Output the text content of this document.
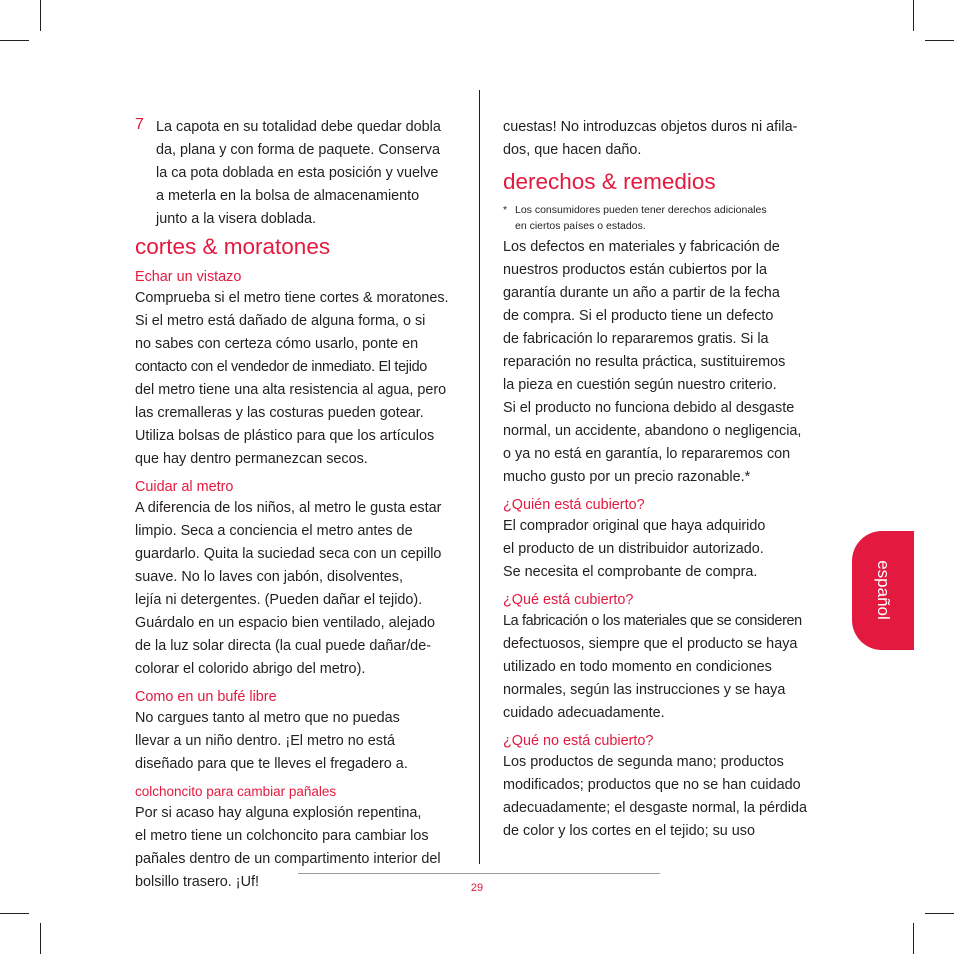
7 La capota en su totalidad debe quedar dobla

da, plana y con forma de paquete. Conserva

la ca pota doblada en esta posición y vuelve

a meterla en la bolsa de almacenamiento

junto a la visera doblada.

cortes & moratones

Echar un vistazo

Comprueba si el metro tiene cortes & moratones.

Si el metro está dañado de alguna forma, o si

no sabes con certeza cómo usarlo, ponte en

contacto con el vendedor de inmediato. El tejido

del metro tiene una alta resistencia al agua, pero

las cremalleras y las costuras pueden gotear.

Utiliza bolsas de plástico para que los artículos

que hay dentro permanezcan secos.

Cuidar al metro

A diferencia de los niños, al metro le gusta estar

limpio. Seca a conciencia el metro antes de

guardarlo. Quita la suciedad seca con un cepillo

suave. No lo laves con jabón, disolventes,

lejía ni detergentes. (Pueden dañar el tejido).

Guárdalo en un espacio bien ventilado, alejado

de la luz solar directa (la cual puede dañar/de-

colorar el colorido abrigo del metro).

Como en un bufé libre

No cargues tanto al metro que no puedas

llevar a un niño dentro. ¡El metro no está

diseñado para que te lleves el fregadero a.

colchoncito para cambiar pañales

Por si acaso hay alguna explosión repentina,

el metro tiene un colchoncito para cambiar los

pañales dentro de un compartimento interior del

bolsillo trasero. ¡Uf!

cuestas! No introduzcas objetos duros ni afila-

dos, que hacen daño.

derechos & remedios

* Los consumidores pueden tener derechos adicionales
en ciertos países o estados.

Los defectos en materiales y fabricación de

nuestros productos están cubiertos por la

garantía durante un año a partir de la fecha

de compra. Si el producto tiene un defecto

de fabricación lo repararemos gratis. Si la

reparación no resulta práctica, sustituiremos

la pieza en cuestión según nuestro criterio.

Si el producto no funciona debido al desgaste

normal, un accidente, abandono o negligencia,

o ya no está en garantía, lo repararemos con

mucho gusto por un precio razonable.*

¿Quién está cubierto?

El comprador original que haya adquirido

el producto de un distribuidor autorizado.

Se necesita el comprobante de compra.

¿Qué está cubierto?

La fabricación o los materiales que se consideren

defectuosos, siempre que el producto se haya

utilizado en todo momento en condiciones

normales, según las instrucciones y se haya

cuidado adecuadamente.

¿Qué no está cubierto?

Los productos de segunda mano; productos

modificados; productos que no se han cuidado

adecuadamente; el desgaste normal, la pérdida

de color y los cortes en el tejido; su uso

español
29
